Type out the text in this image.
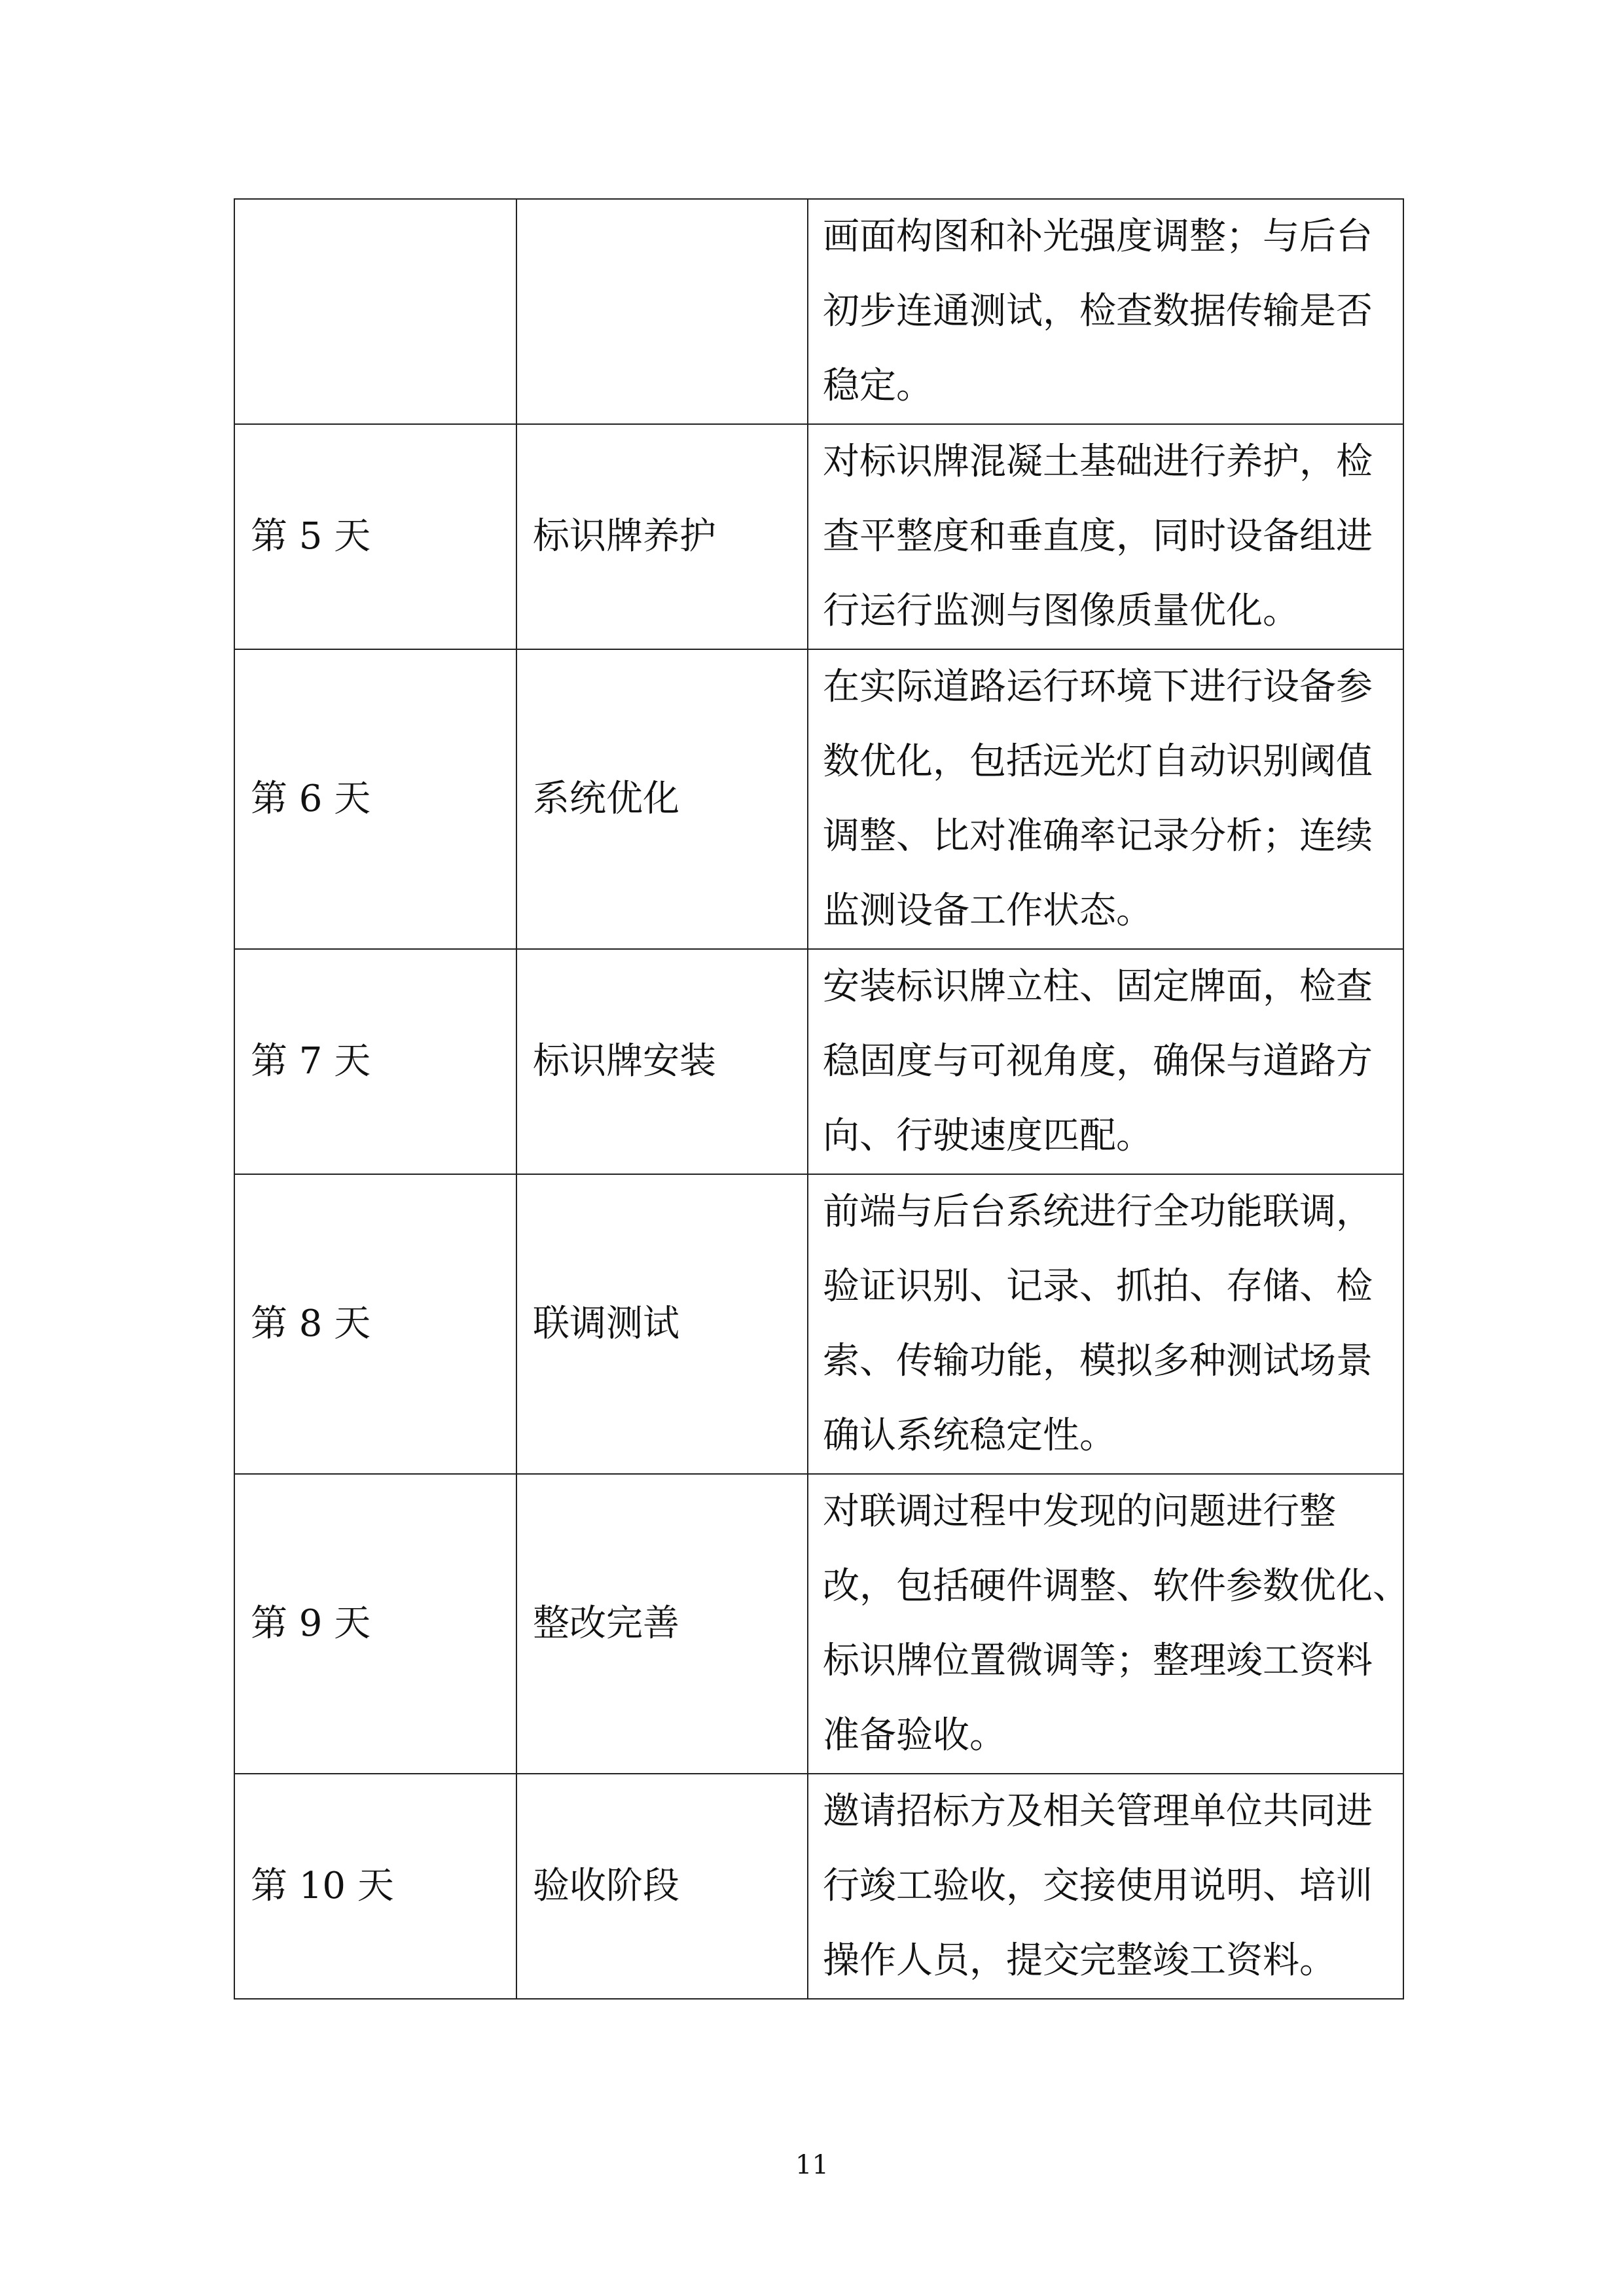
		画面构图和补光强度调整；与后台
初步连通测试，检查数据传输是否
稳定。

第 5 天	标识牌养护	对标识牌混凝土基础进行养护，检
查平整度和垂直度，同时设备组进
行运行监测与图像质量优化。

第 6 天	系统优化	在实际道路运行环境下进行设备参
数优化，包括远光灯自动识别阈值
调整、比对准确率记录分析；连续
监测设备工作状态。

第 7 天	标识牌安装	安装标识牌立柱、固定牌面，检查
稳固度与可视角度，确保与道路方
向、行驶速度匹配。

第 8 天	联调测试	前端与后台系统进行全功能联调，
验证识别、记录、抓拍、存储、检
索、传输功能，模拟多种测试场景
确认系统稳定性。

第 9 天	整改完善	对联调过程中发现的问题进行整
改，包括硬件调整、软件参数优化、
标识牌位置微调等；整理竣工资料
准备验收。

第 10 天	验收阶段	邀请招标方及相关管理单位共同进
行竣工验收，交接使用说明、培训
操作人员，提交完整竣工资料。
11
